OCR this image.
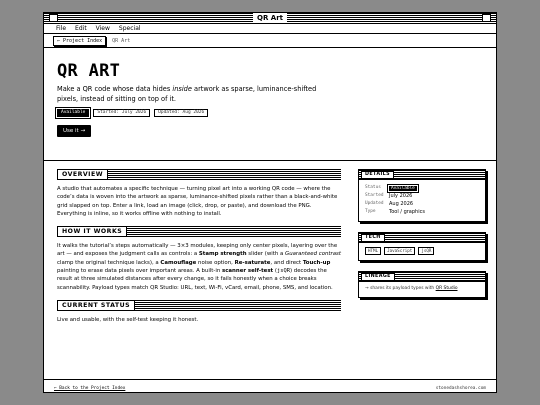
QR Art
File Edit View Special
← Project Index	QR Art
QR ART
Make a QR code whose data hides inside artwork as sparse, luminance-shifted pixels, instead of sitting on top of it.
Available	Started: July 2026	Updated: Aug 2026
Use it →
OVERVIEW
A studio that automates a specific technique — turning pixel art into a working QR code — where the code’s data is woven into the artwork as sparse, luminance-shifted pixels rather than a black-and-white grid slapped on top. Enter a link, load an image (click, drop, or paste), and download the PNG. Everything is inline, so it works offline with nothing to install.
HOW IT WORKS
It walks the tutorial’s steps automatically — 3×3 modules, keeping only center pixels, layering over the art — and exposes the judgment calls as controls: a Stamp strength slider (with a Guaranteed contrast clamp the original technique lacks), a Camouflage noise option, Re-saturate, and direct Touch-up painting to erase data pixels over important areas. A built-in scanner self-test (jsQR) decodes the result at three simulated distances after every change, so it fails honestly when a choice breaks scannability. Payload types match QR Studio: URL, text, Wi-Fi, vCard, email, phone, SMS, and location.
CURRENT STATUS
Live and usable, with the self-test keeping it honest.
DETAILS
Status	Available
Started	July 2026
Updated	Aug 2026
Type	Tool / graphics
TECH
HTML	JavaScript	jsQR
LINEAGE
→ shares its payload types with QR Studio
← Back to the Project Index	stonedashshorea.com
